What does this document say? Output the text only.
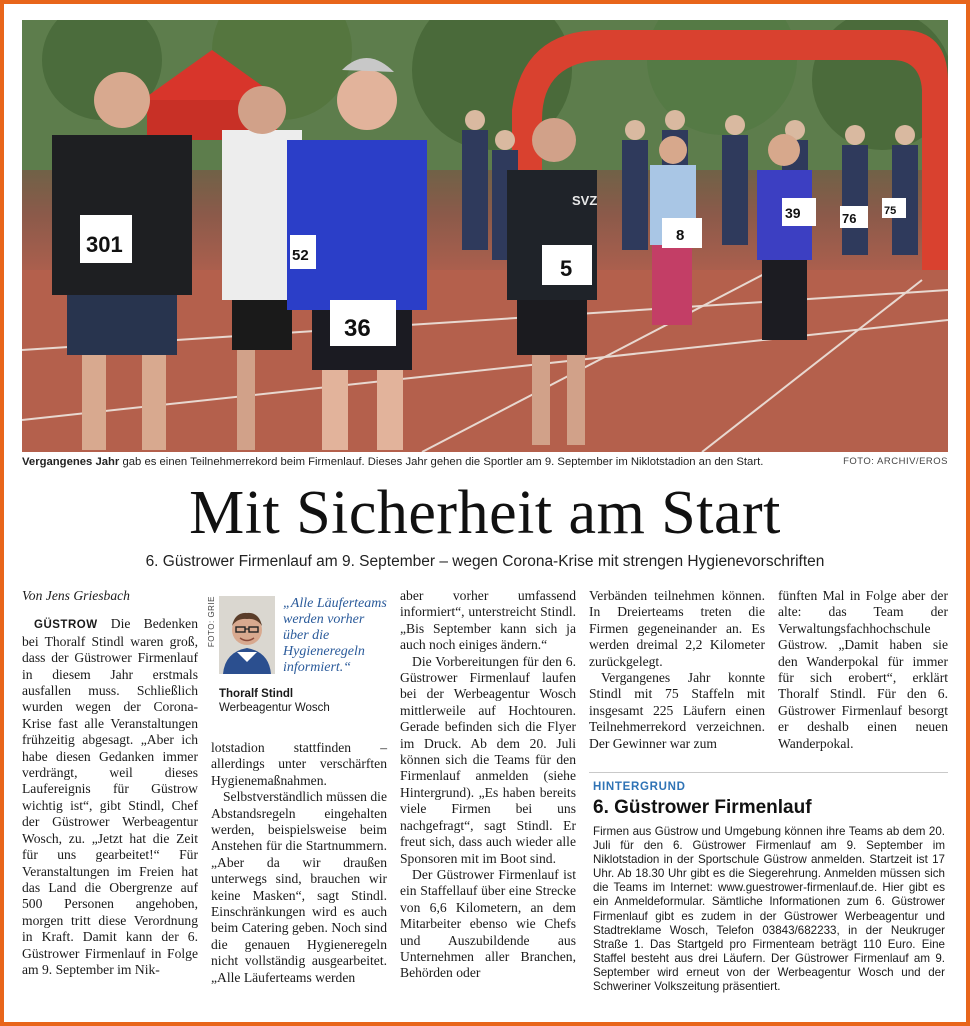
301
36
5
52
8
39	76	75
SVZ
Vergangenes Jahr gab es einen Teilnehmerrekord beim Firmenlauf. Dieses Jahr gehen die Sportler am 9. September im Niklotstadion an den Start.	FOTO: ARCHIV/EROS
Mit Sicherheit am Start
6. Güstrower Firmenlauf am 9. September – wegen Corona-Krise mit strengen Hygienevorschriften

Von Jens Griesbach

GÜSTROW Die Bedenken bei Thoralf Stindl waren groß, dass der Güstrower Firmenlauf in diesem Jahr erstmals ausfallen muss. Schließlich wurden wegen der Corona-Krise fast alle Veranstaltungen frühzeitig abgesagt. „Aber ich habe diesen Gedanken immer verdrängt, weil dieses Laufereignis für Güstrow wichtig ist“, gibt Stindl, Chef der Güstrower Werbeagentur Wosch, zu. „Jetzt hat die Zeit für uns gearbeitet!“ Für Veranstaltungen im Freien hat das Land die Obergrenze auf 500 Personen angehoben, morgen tritt diese Verordnung in Kraft. Damit kann der 6. Güstrower Firmenlauf in Folge am 9. September im Nik-

FOTO: GRIE	„Alle Läuferteams werden vorher über die Hygieneregeln informiert.“
Thoralf Stindl
Werbeagentur Wosch

lotstadion stattfinden – allerdings unter verschärften Hygienemaßnahmen.

Selbstverständlich müssen die Abstandsregeln eingehalten werden, beispielsweise beim Anstehen für die Startnummern. „Aber da wir draußen unterwegs sind, brauchen wir keine Masken“, sagt Stindl. Einschränkungen wird es auch beim Catering geben. Noch sind die genauen Hygieneregeln nicht vollständig ausgearbeitet. „Alle Läuferteams werden

aber vorher umfassend informiert“, unterstreicht Stindl. „Bis September kann sich ja auch noch einiges ändern.“

Die Vorbereitungen für den 6. Güstrower Firmenlauf laufen bei der Werbeagentur Wosch mittlerweile auf Hochtouren. Gerade befinden sich die Flyer im Druck. Ab dem 20. Juli können sich die Teams für den Firmenlauf anmelden (siehe Hintergrund). „Es haben bereits viele Firmen bei uns nachgefragt“, sagt Stindl. Er freut sich, dass auch wieder alle Sponsoren mit im Boot sind.

Der Güstrower Firmenlauf ist ein Staffellauf über eine Strecke von 6,6 Kilometern, an dem Mitarbeiter ebenso wie Chefs und Auszubildende aus Unternehmen aller Branchen, Behörden oder

Verbänden teilnehmen können. In Dreierteams treten die Firmen gegeneinander an. Es werden dreimal 2,2 Kilometer zurückgelegt.

Vergangenes Jahr konnte Stindl mit 75 Staffeln mit insgesamt 225 Läufern einen Teilnehmerrekord verzeichnen. Der Gewinner war zum

fünften Mal in Folge aber der alte: das Team der Verwaltungsfachhochschule Güstrow. „Damit haben sie den Wanderpokal für immer für sich erobert“, erklärt Thoralf Stindl. Für den 6. Güstrower Firmenlauf besorgt er deshalb einen neuen Wanderpokal.

HINTERGRUND
6. Güstrower Firmenlauf
Firmen aus Güstrow und Umgebung können ihre Teams ab dem 20. Juli für den 6. Güstrower Firmenlauf am 9. September im Niklotstadion in der Sportschule Güstrow anmelden. Startzeit ist 17 Uhr. Ab 18.30 Uhr gibt es die Siegerehrung. Anmelden müssen sich die Teams im Internet: www.guestrower-firmenlauf.de. Hier gibt es ein Anmeldeformular. Sämtliche Informationen zum 6. Güstrower Firmenlauf gibt es zudem in der Güstrower Werbeagentur und Stadtreklame Wosch, Telefon 03843/682233, in der Neukruger Straße 1. Das Startgeld pro Firmenteam beträgt 110 Euro. Eine Staffel besteht aus drei Läufern. Der Güstrower Firmenlauf am 9. September wird erneut von der Werbeagentur Wosch und der Schweriner Volkszeitung präsentiert.
